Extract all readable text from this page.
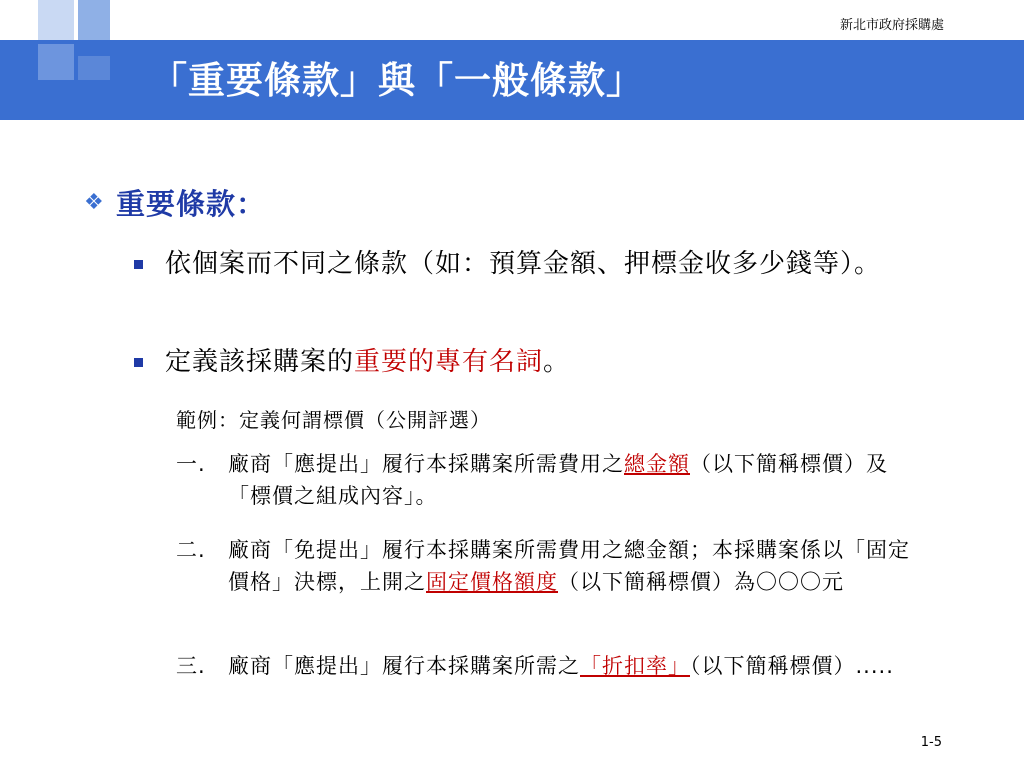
新北市政府採購處
「重要條款」與「一般條款」
❖ 重要條款：
依個案而不同之條款（如：預算金額、押標金收多少錢等）。
定義該採購案的重要的專有名詞。
範例：定義何謂標價（公開評選）
一.	廠商「應提出」履行本採購案所需費用之總金額（以下簡稱標價）及「標價之組成內容」。
二.	廠商「免提出」履行本採購案所需費用之總金額；本採購案係以「固定價格」決標，上開之固定價格額度（以下簡稱標價）為〇〇〇元
三.	廠商「應提出」履行本採購案所需之「折扣率」（以下簡稱標價）.....
1-5
